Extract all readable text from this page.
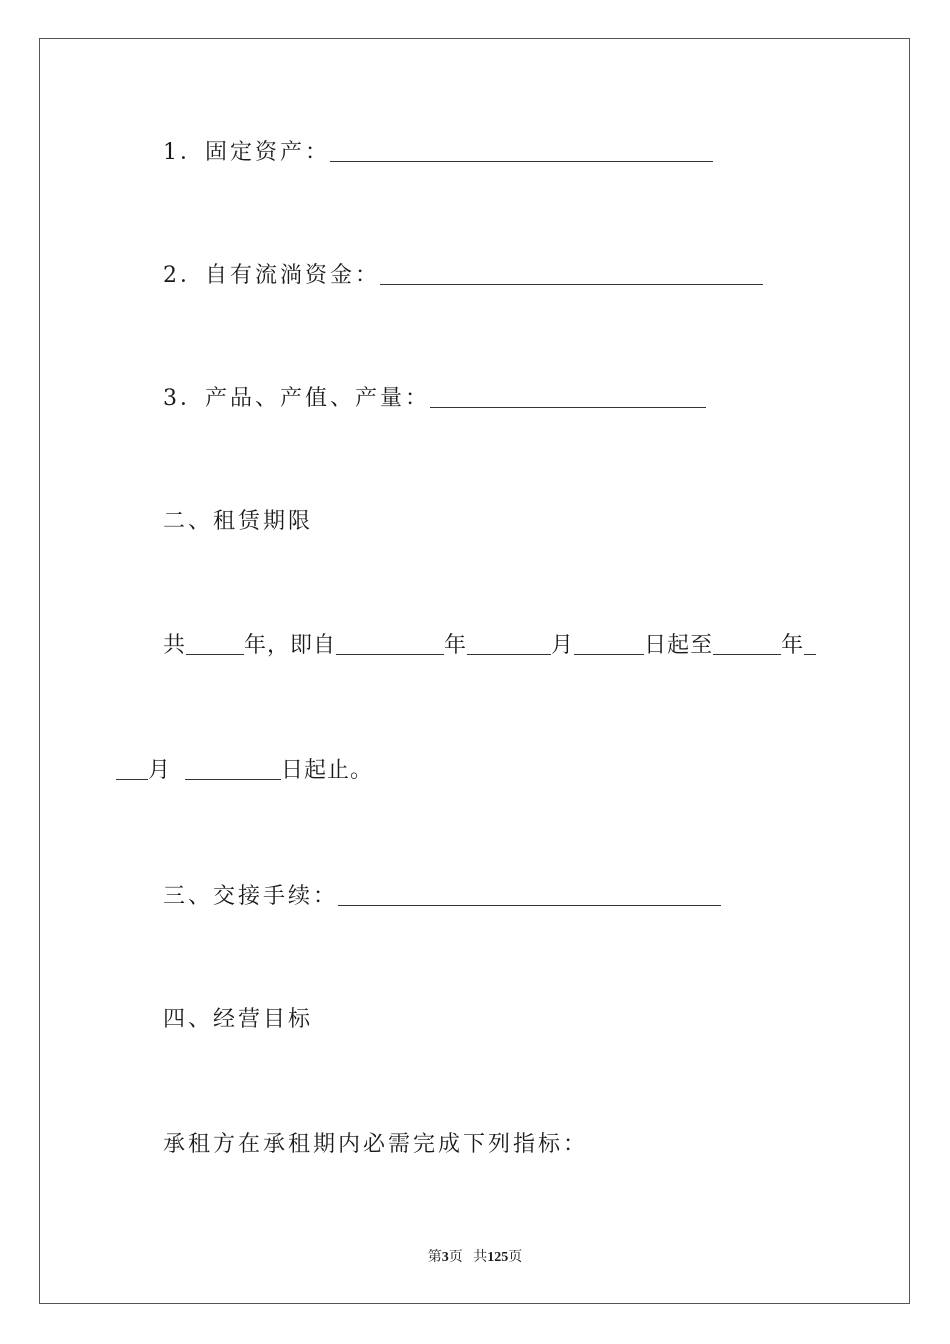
1．固定资产：
2．自有流淌资金：
3．产品、产值、产量：
二、租赁期限
共	年，即自	年	月	日起至	年
月	日起止。
三、交接手续：
四、经营目标
承租方在承租期内必需完成下列指标：
第3页 共125页
